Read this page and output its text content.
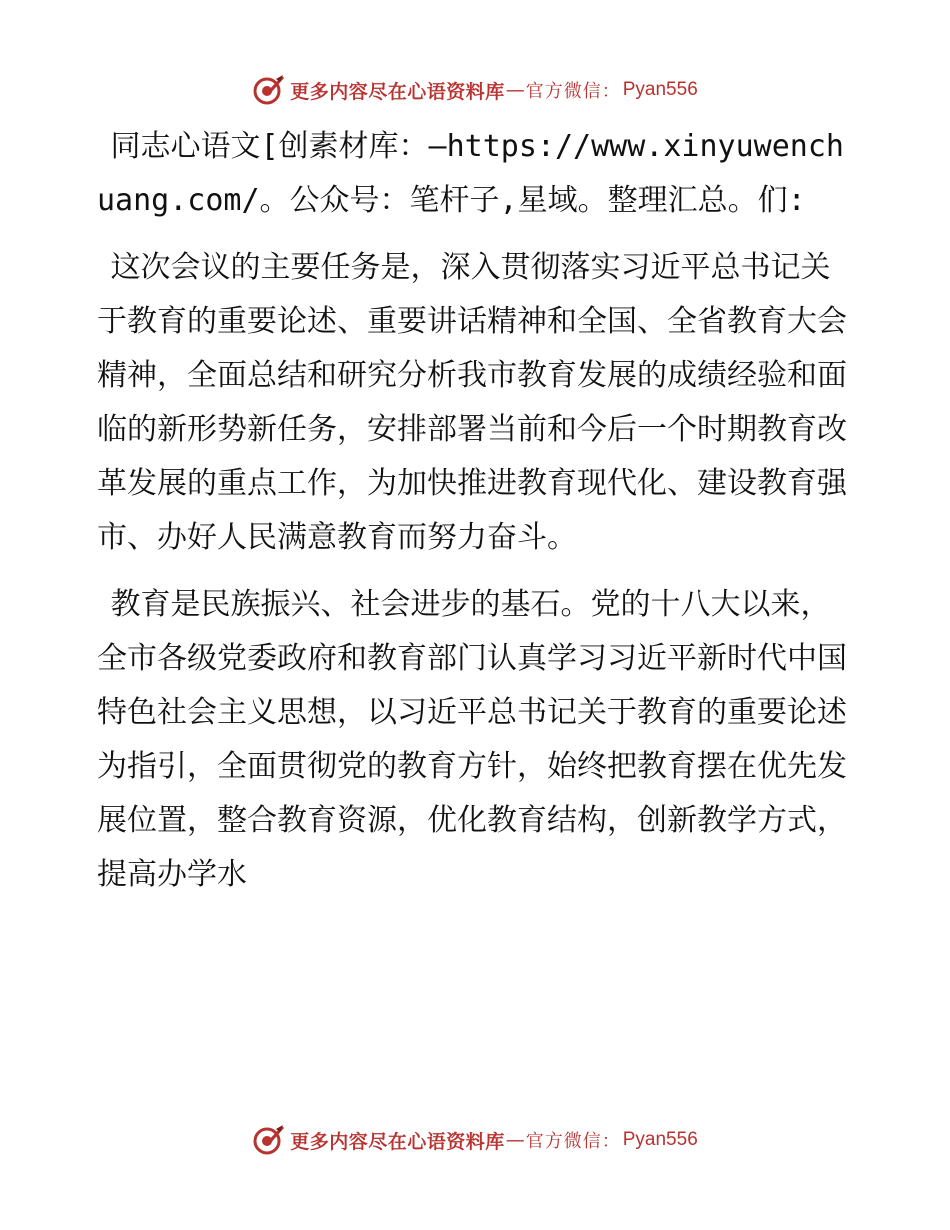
更多内容尽在心语资料库 — 官方微信： Pyan556

同志心语文[创素材库：—https://www.xinyuwenchuang.com/。公众号：笔杆子,星域。整理汇总。们:

这次会议的主要任务是，深入贯彻落实习近平总书记关于教育的重要论述、重要讲话精神和全国、全省教育大会精神，全面总结和研究分析我市教育发展的成绩经验和面临的新形势新任务，安排部署当前和今后一个时期教育改革发展的重点工作，为加快推进教育现代化、建设教育强市、办好人民满意教育而努力奋斗。

教育是民族振兴、社会进步的基石。党的十八大以来，全市各级党委政府和教育部门认真学习习近平新时代中国特色社会主义思想，以习近平总书记关于教育的重要论述为指引，全面贯彻党的教育方针，始终把教育摆在优先发展位置，整合教育资源，优化教育结构，创新教学方式，提高办学水

更多内容尽在心语资料库 — 官方微信： Pyan556
